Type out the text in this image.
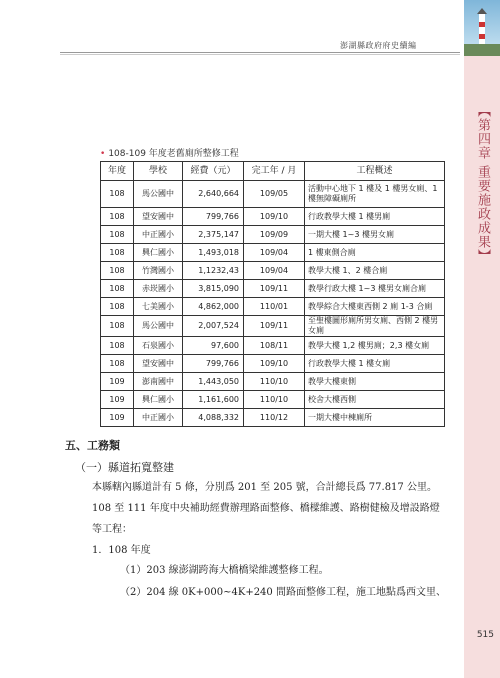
澎湖縣政府府史續編
【第四章 重要施政成果】
• 108-109 年度老舊廁所整修工程
年度	學校	經費（元）	完工年 / 月	工程概述
108	馬公國中	2,640,664	109/05	活動中心地下 1 樓及 1 樓男女廁、1 樓無障礙廁所
108	望安國中	799,766	109/10	行政教學大樓 1 樓男廁
108	中正國小	2,375,147	109/09	一期大樓 1~3 樓男女廁
108	興仁國小	1,493,018	109/04	1 樓東側合廁
108	竹灣國小	1,1232,43	109/04	教學大樓 1、2 樓合廁
108	赤崁國小	3,815,090	109/11	教學行政大樓 1~3 樓男女廁合廁
108	七美國小	4,862,000	110/01	教學綜合大樓東西側 2 廁 1-3 合廁
108	馬公國中	2,007,524	109/11	至聖樓圖形廁所男女廁、西側 2 樓男女廁
108	石泉國小	97,600	108/11	教學大樓 1,2 樓男廁；2,3 樓女廁
108	望安國中	799,766	109/10	行政教學大樓 1 樓女廁
109	澎南國中	1,443,050	110/10	教學大樓東側
109	興仁國小	1,161,600	110/10	校舍大樓西側
109	中正國小	4,088,332	110/12	一期大樓中棟廁所
五、工務類
（一）縣道拓寬整建
本縣轄內縣道計有 5 條，分別爲 201 至 205 號，合計總長爲 77.817 公里。108 至 111 年度中央補助經費辦理路面整修、橋樑維護、路樹健檢及增設路燈等工程：
1．108 年度
（1）203 線澎湖跨海大橋橋梁維護整修工程。
（2）204 線 0K+000~4K+240 間路面整修工程，施工地點爲西文里、
515
